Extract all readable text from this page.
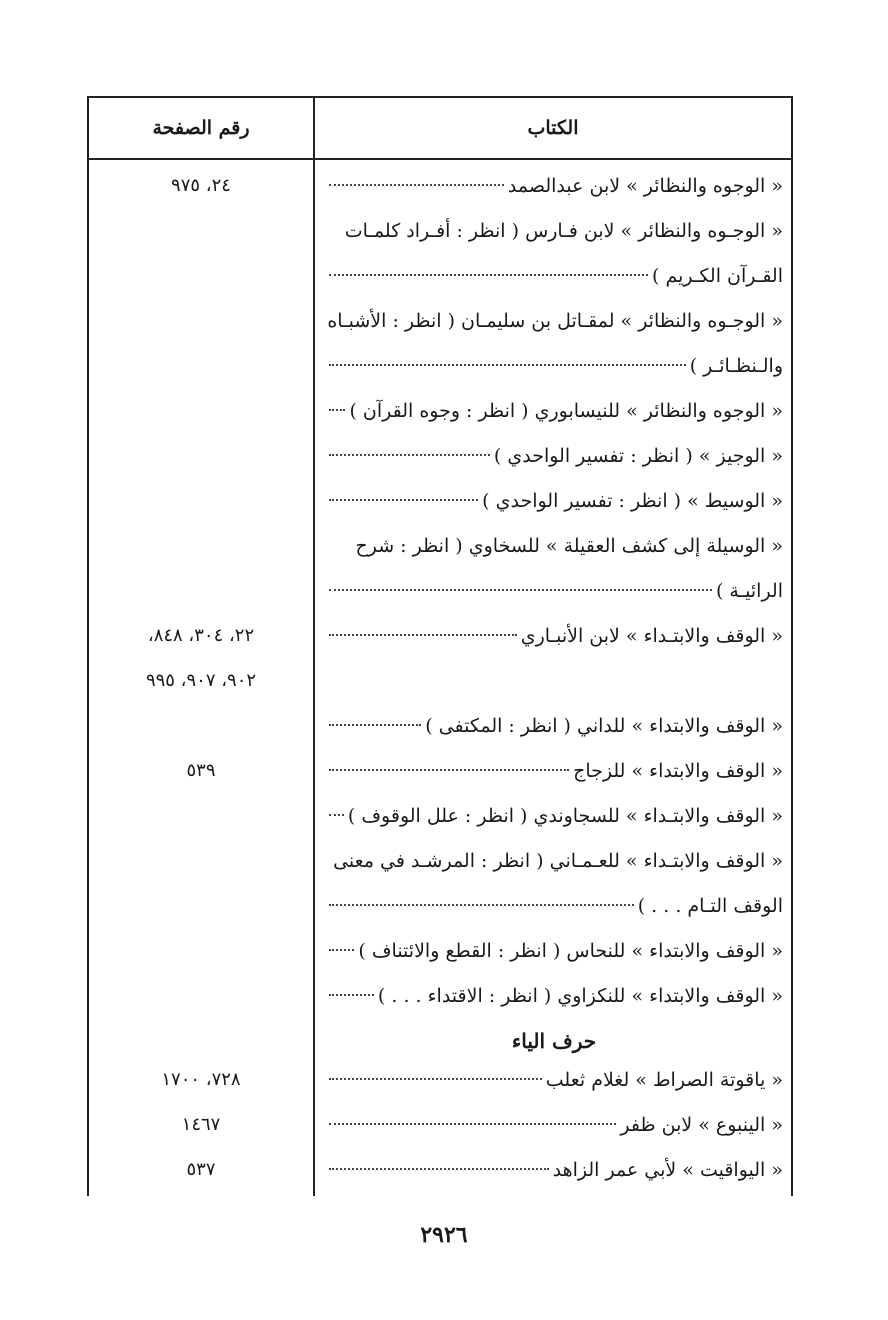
الكتاب
رقم الصفحة
« الوجوه والنظائر » لابن عبدالصمد
٢٤، ٩٧٥
« الوجـوه والنظائر » لابن فـارس ( انظر : أفـراد كلمـات
القـرآن الكـريم )
« الوجـوه والنظائر » لمقـاتل بن سليمـان ( انظر : الأشبـاه
والـنظـائـر )
« الوجوه والنظائر » للنيسابوري ( انظر : وجوه القرآن )
« الوجيز » ( انظر : تفسير الواحدي )
« الوسيط » ( انظر : تفسير الواحدي )
« الوسيلة إلى كشف العقيلة » للسخاوي ( انظر : شرح
الرائيـة )
« الوقف والابتـداء » لابن الأنبـاري
٢٢، ٣٠٤، ٨٤٨،
٩٠٢، ٩٠٧، ٩٩٥
« الوقف والابتداء » للداني ( انظر : المكتفى )
« الوقف والابتداء » للزجاج
٥٣٩
« الوقف والابتـداء » للسجاوندي ( انظر : علل الوقوف )
« الوقف والابتـداء » للعـمـاني ( انظر : المرشـد في معنى
الوقف التـام . . . )
« الوقف والابتداء » للنحاس ( انظر : القطع والائتناف )
« الوقف والابتداء » للنكزاوي ( انظر : الاقتداء . . . )
حرف الياء
« ياقوتة الصراط » لغلام ثعلب
٧٢٨، ١٧٠٠
« الينبوع » لابن ظفر
١٤٦٧
« اليواقيت » لأبي عمر الزاهد
٥٣٧
٢٩٢٦
